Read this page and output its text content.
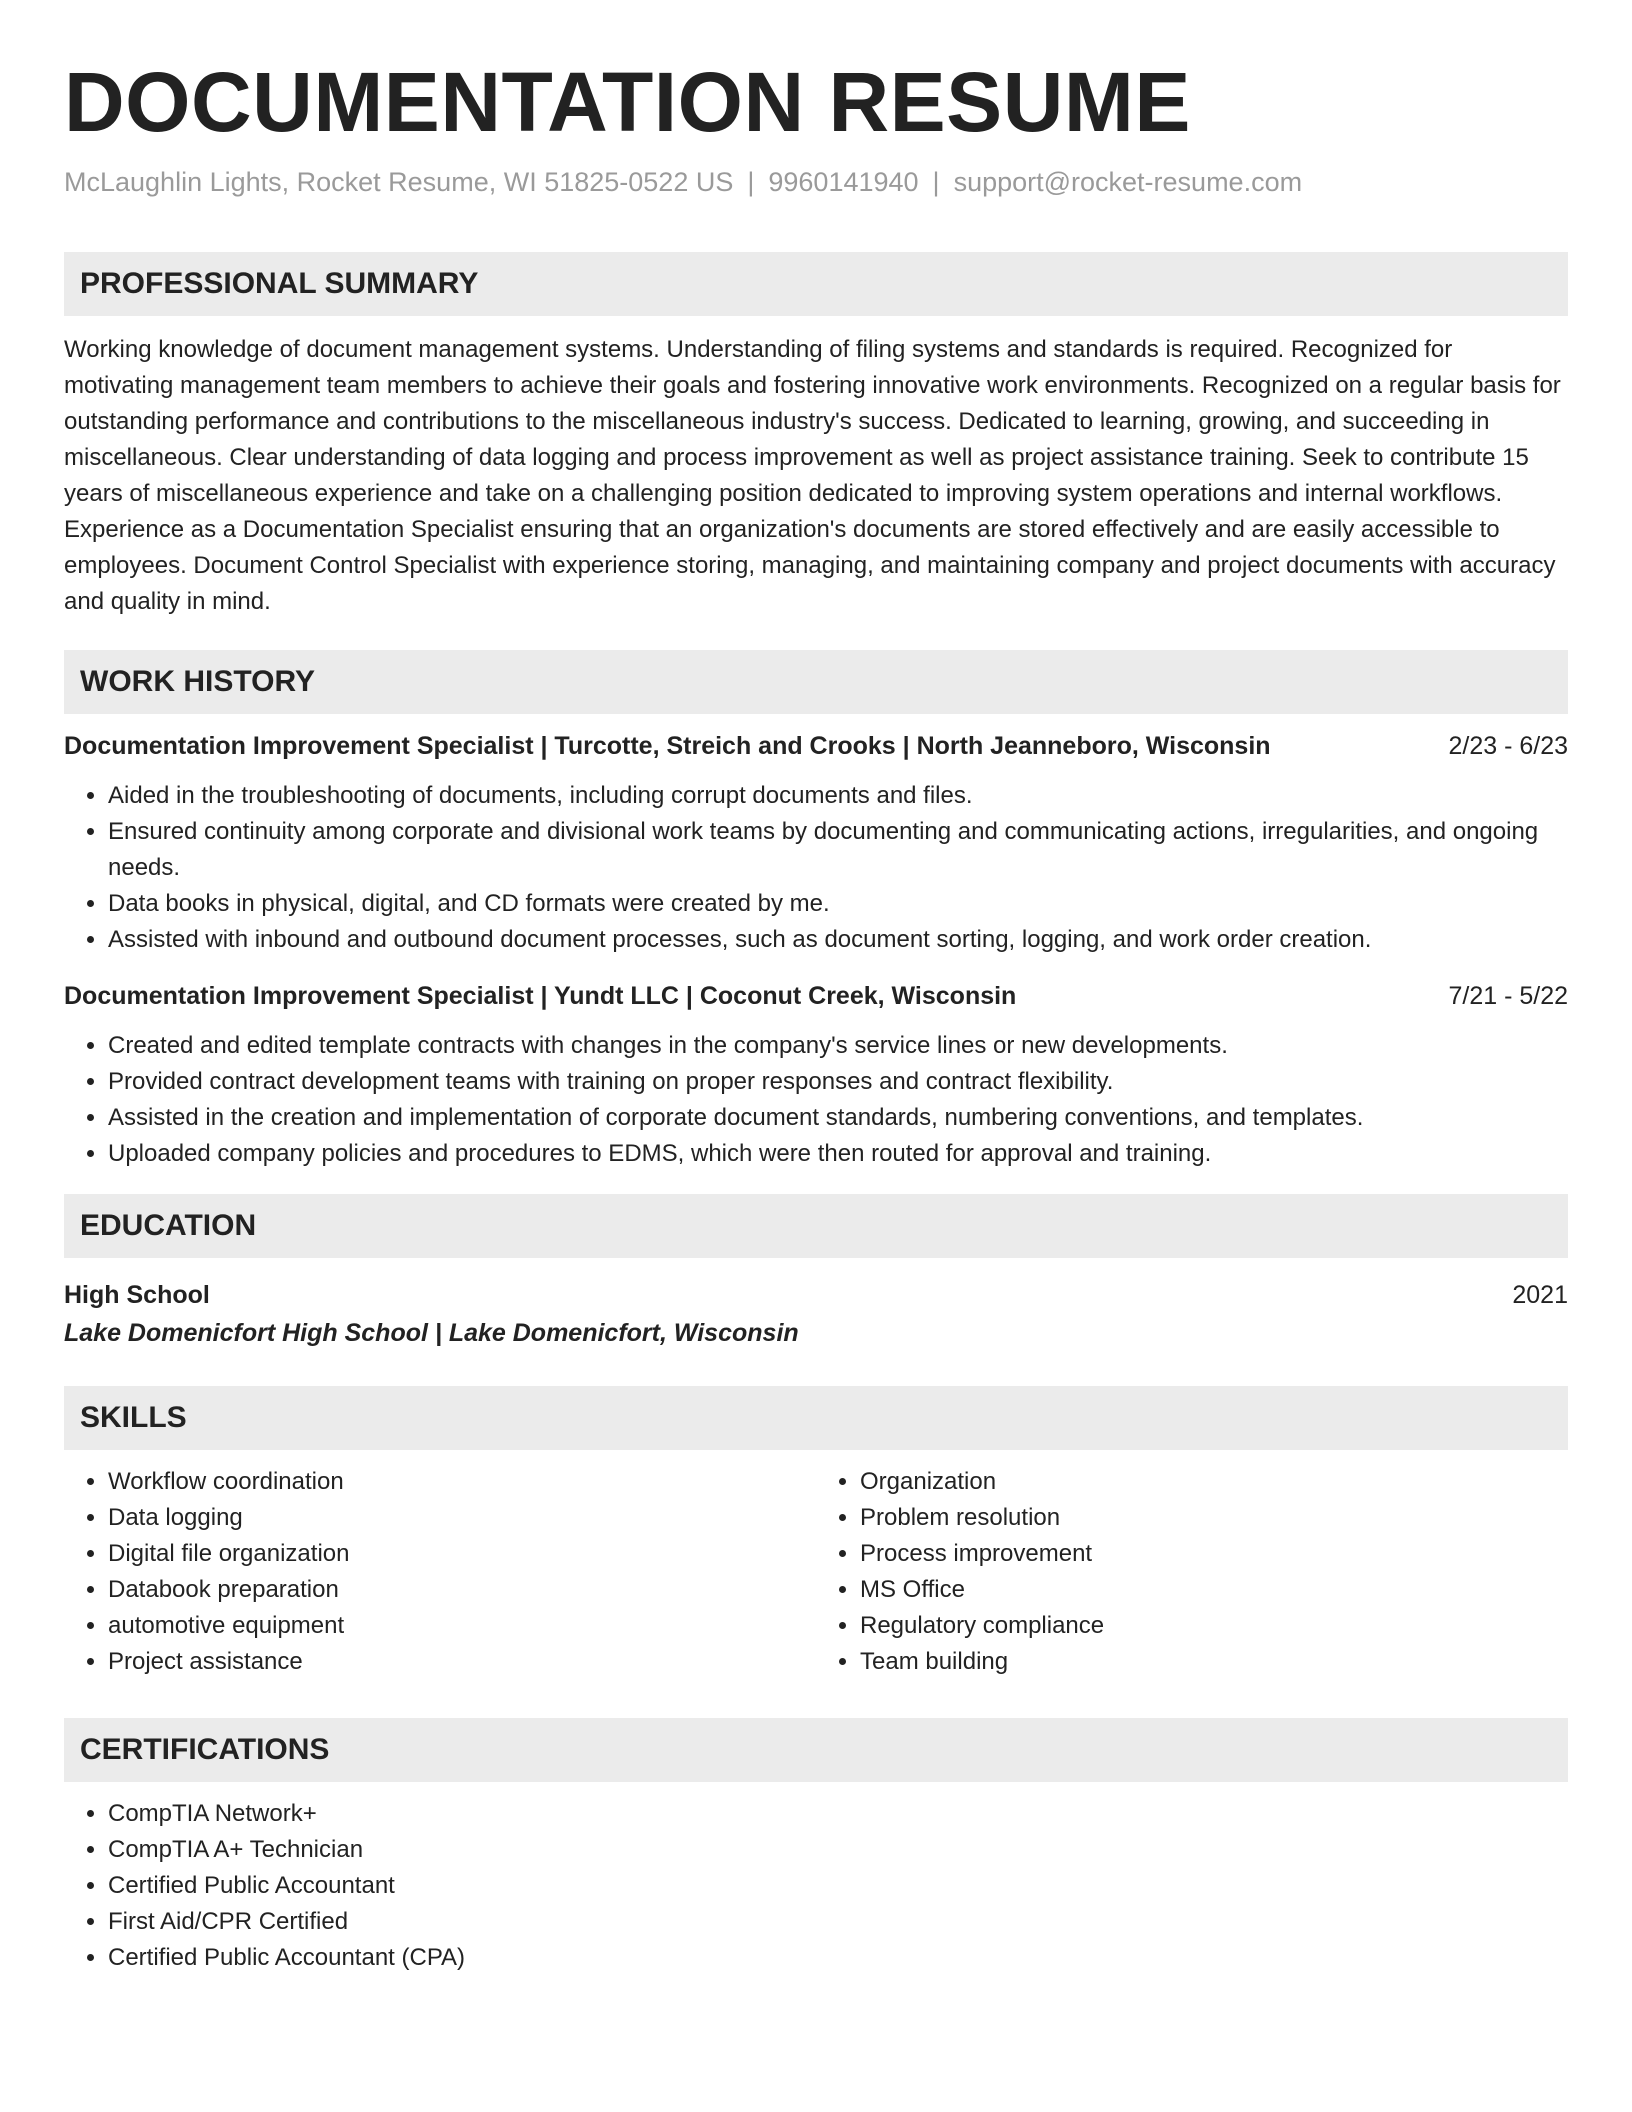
DOCUMENTATION RESUME
McLaughlin Lights, Rocket Resume, WI 51825-0522 US | 9960141940 | support@rocket-resume.com
PROFESSIONAL SUMMARY
Working knowledge of document management systems. Understanding of filing systems and standards is required. Recognized for motivating management team members to achieve their goals and fostering innovative work environments. Recognized on a regular basis for outstanding performance and contributions to the miscellaneous industry's success. Dedicated to learning, growing, and succeeding in miscellaneous. Clear understanding of data logging and process improvement as well as project assistance training. Seek to contribute 15 years of miscellaneous experience and take on a challenging position dedicated to improving system operations and internal workflows. Experience as a Documentation Specialist ensuring that an organization's documents are stored effectively and are easily accessible to employees. Document Control Specialist with experience storing, managing, and maintaining company and project documents with accuracy and quality in mind.
WORK HISTORY
Documentation Improvement Specialist | Turcotte, Streich and Crooks | North Jeanneboro, Wisconsin	2/23 - 6/23
• Aided in the troubleshooting of documents, including corrupt documents and files.
• Ensured continuity among corporate and divisional work teams by documenting and communicating actions, irregularities, and ongoing needs.
• Data books in physical, digital, and CD formats were created by me.
• Assisted with inbound and outbound document processes, such as document sorting, logging, and work order creation.
Documentation Improvement Specialist | Yundt LLC | Coconut Creek, Wisconsin	7/21 - 5/22
• Created and edited template contracts with changes in the company's service lines or new developments.
• Provided contract development teams with training on proper responses and contract flexibility.
• Assisted in the creation and implementation of corporate document standards, numbering conventions, and templates.
• Uploaded company policies and procedures to EDMS, which were then routed for approval and training.
EDUCATION
High School	2021
Lake Domenicfort High School | Lake Domenicfort, Wisconsin
SKILLS
• Workflow coordination
• Data logging
• Digital file organization
• Databook preparation
• automotive equipment
• Project assistance
• Organization
• Problem resolution
• Process improvement
• MS Office
• Regulatory compliance
• Team building
CERTIFICATIONS
• CompTIA Network+
• CompTIA A+ Technician
• Certified Public Accountant
• First Aid/CPR Certified
• Certified Public Accountant (CPA)
